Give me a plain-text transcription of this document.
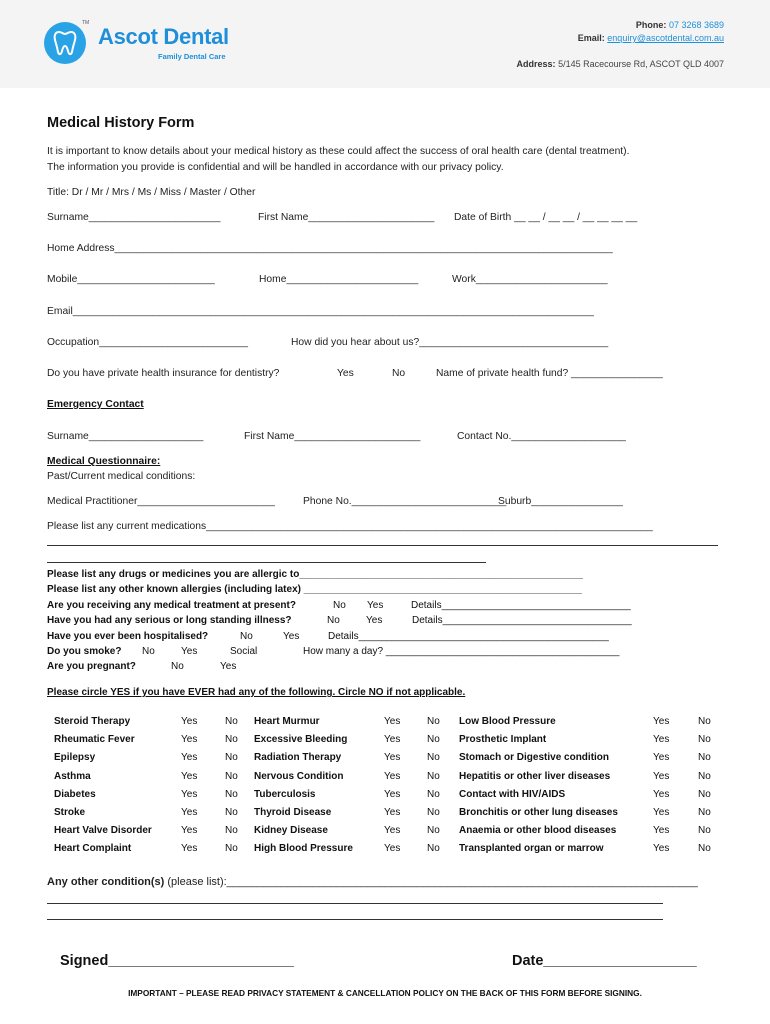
TM
Ascot Dental
Family Dental Care
Phone: 07 3268 3689
Email: enquiry@ascotdental.com.au
Address: 5/145 Racecourse Rd, ASCOT QLD 4007
Medical History Form
It is important to know details about your medical history as these could affect the success of oral health care (dental treatment).
The information you provide is confidential and will be handled in accordance with our privacy policy.
Title: Dr / Mr / Mrs / Ms / Miss / Master / Other
Surname_______________________	First Name______________________ Date of Birth __ __ / __ __ / __ __ __ __
Home Address_______________________________________________________________________________________
Mobile________________________	Home_______________________	Work_______________________
Email___________________________________________________________________________________________
Occupation__________________________	How did you hear about us?_________________________________
Do you have private health insurance for dentistry?	Yes	No	Name of private health fund? ________________
Emergency Contact
Surname____________________	First Name______________________	Contact No.____________________
Medical Questionnaire:
Past/Current medical conditions:
Medical Practitioner________________________	Phone No.___________________________
Suburb________________
Please list any current medications______________________________________________________________________________
Please list any drugs or medicines you are allergic to___________________________________________________
Please list any other known allergies (including latex) __________________________________________________
Are you receiving any medical treatment at present?	No Yes	Details__________________________________
Have you had any serious or long standing illness?	No	Yes	Details__________________________________
Have you ever been hospitalised?	No	Yes	Details_____________________________________________
Do you smoke? No	Yes	Social	How many a day? __________________________________________
Are you pregnant?	No	Yes
Please circle YES if you have EVER had any of the following. Circle NO if not applicable.
Steroid Therapy	Yes	No
Rheumatic Fever	Yes	No
Epilepsy	Yes	No
Asthma	Yes	No
Diabetes	Yes	No
Stroke	Yes	No
Heart Valve Disorder	Yes	No
Heart Complaint	Yes	No
Heart Murmur	Yes	No
Excessive Bleeding	Yes	No
Radiation Therapy	Yes	No
Nervous Condition	Yes	No
Tuberculosis	Yes	No
Thyroid Disease	Yes	No
Kidney Disease	Yes	No
High Blood Pressure	Yes	No
Low Blood Pressure	Yes	No
Prosthetic Implant	Yes	No
Stomach or Digestive condition	Yes	No
Hepatitis or other liver diseases	Yes	No
Contact with HIV/AIDS	Yes	No
Bronchitis or other lung diseases	Yes	No
Anaemia or other blood diseases	Yes	No
Transplanted organ or marrow	Yes	No
Any other condition(s) (please list):_____________________________________________________________________________
Signed_______________________	Date___________________
IMPORTANT – PLEASE READ PRIVACY STATEMENT & CANCELLATION POLICY ON THE BACK OF THIS FORM BEFORE SIGNING.
